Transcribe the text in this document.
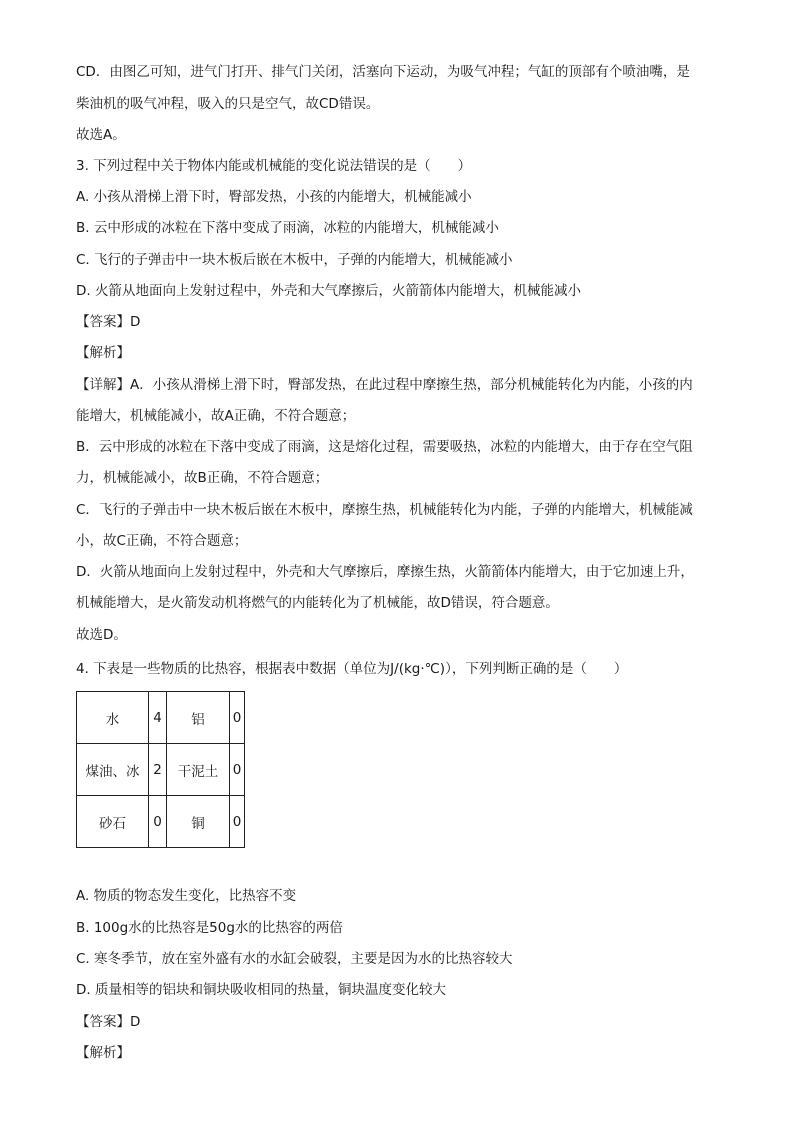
CD．由图乙可知，进气门打开、排气门关闭，活塞向下运动，为吸气冲程；气缸的顶部有个喷油嘴，是
柴油机的吸气冲程，吸入的只是空气，故CD错误。
故选A。
3. 下列过程中关于物体内能或机械能的变化说法错误的是（　　）
A. 小孩从滑梯上滑下时，臀部发热，小孩的内能增大，机械能减小
B. 云中形成的冰粒在下落中变成了雨滴，冰粒的内能增大，机械能减小
C. 飞行的子弹击中一块木板后嵌在木板中，子弹的内能增大，机械能减小
D. 火箭从地面向上发射过程中，外壳和大气摩擦后，火箭箭体内能增大，机械能减小
【答案】D
【解析】
【详解】A．小孩从滑梯上滑下时，臀部发热，在此过程中摩擦生热，部分机械能转化为内能，小孩的内
能增大，机械能减小，故A正确，不符合题意；
B．云中形成的冰粒在下落中变成了雨滴，这是熔化过程，需要吸热，冰粒的内能增大，由于存在空气阻
力，机械能减小，故B正确，不符合题意；
C．飞行的子弹击中一块木板后嵌在木板中，摩擦生热，机械能转化为内能，子弹的内能增大，机械能减
小，故C正确，不符合题意；
D．火箭从地面向上发射过程中，外壳和大气摩擦后，摩擦生热，火箭箭体内能增大，由于它加速上升，
机械能增大，是火箭发动机将燃气的内能转化为了机械能，故D错误，符合题意。
故选D。
4. 下表是一些物质的比热容，根据表中数据（单位为J/(kg·℃)），下列判断正确的是（　　）
水	4	铝	0
煤油、冰	2	干泥土	0
砂石	0	铜	0
A. 物质的物态发生变化，比热容不变
B. 100g水的比热容是50g水的比热容的两倍
C. 寒冬季节，放在室外盛有水的水缸会破裂，主要是因为水的比热容较大
D. 质量相等的铝块和铜块吸收相同的热量，铜块温度变化较大
【答案】D
【解析】
